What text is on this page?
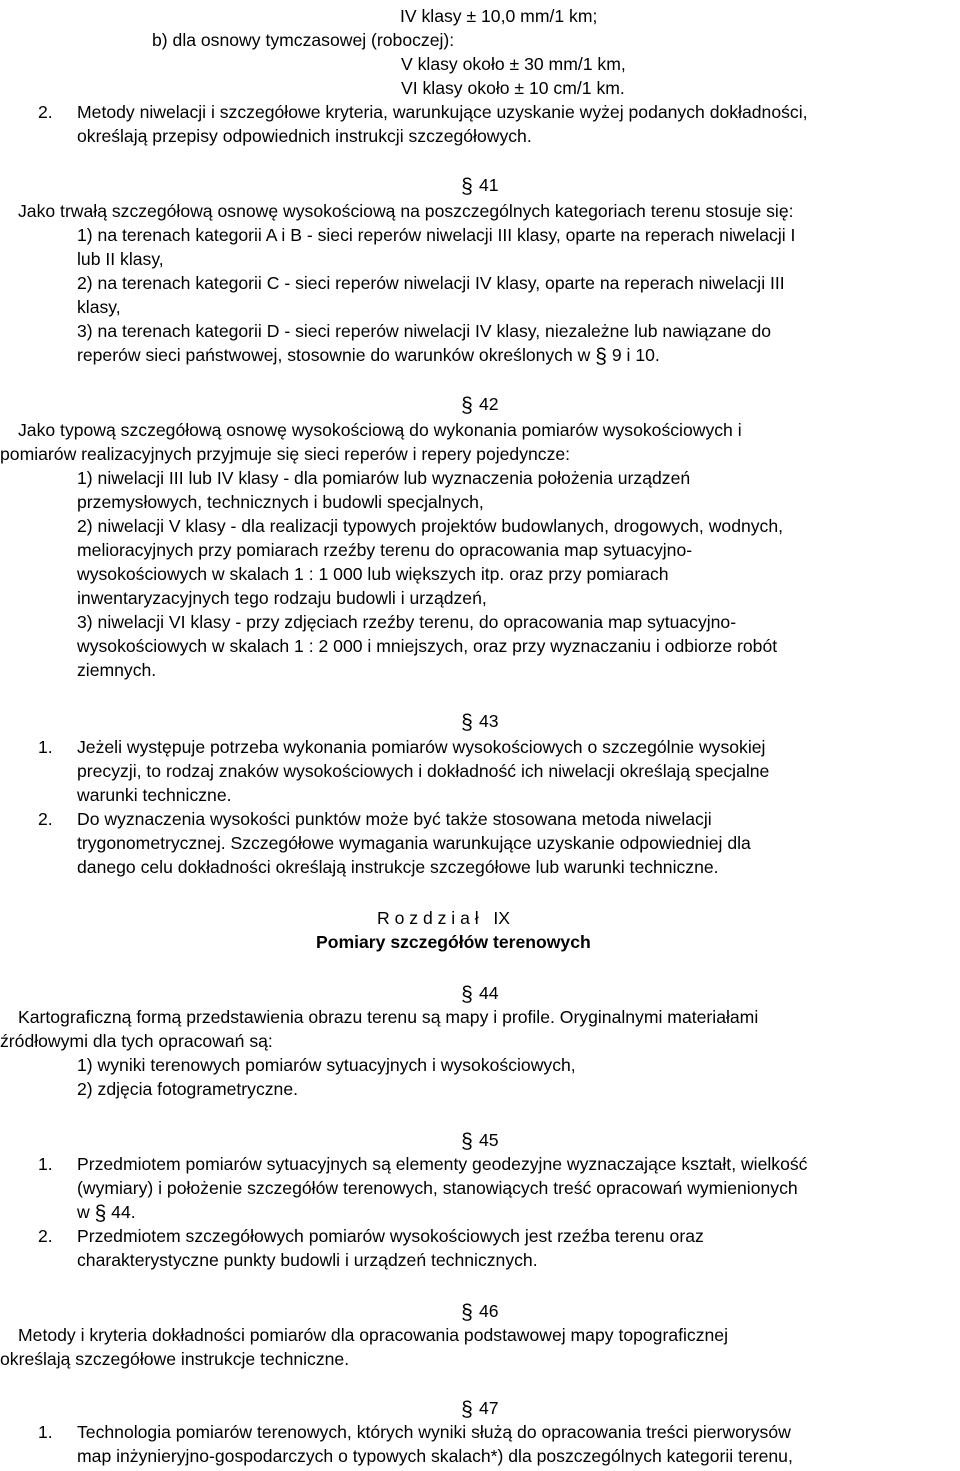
IV klasy ± 10,0 mm/1 km;
b) dla osnowy tymczasowej (roboczej):
V klasy około ± 30 mm/1 km,
VI klasy około ± 10 cm/1 km.
2. Metody niwelacji i szczegółowe kryteria, warunkujące uzyskanie wyżej podanych dokładności,
określają przepisy odpowiednich instrukcji szczegółowych.
§ 41
Jako trwałą szczegółową osnowę wysokościową na poszczególnych kategoriach terenu stosuje się:
1) na terenach kategorii A i B - sieci reperów niwelacji III klasy, oparte na reperach niwelacji I
lub II klasy,
2) na terenach kategorii C - sieci reperów niwelacji IV klasy, oparte na reperach niwelacji III
klasy,
3) na terenach kategorii D - sieci reperów niwelacji IV klasy, niezależne lub nawiązane do
reperów sieci państwowej, stosownie do warunków określonych w § 9 i 10.
§ 42
Jako typową szczegółową osnowę wysokościową do wykonania pomiarów wysokościowych i
pomiarów realizacyjnych przyjmuje się sieci reperów i repery pojedyncze:
1) niwelacji III lub IV klasy - dla pomiarów lub wyznaczenia położenia urządzeń
przemysłowych, technicznych i budowli specjalnych,
2) niwelacji V klasy - dla realizacji typowych projektów budowlanych, drogowych, wodnych,
melioracyjnych przy pomiarach rzeźby terenu do opracowania map sytuacyjno-
wysokościowych w skalach 1 : 1 000 lub większych itp. oraz przy pomiarach
inwentaryzacyjnych tego rodzaju budowli i urządzeń,
3) niwelacji VI klasy - przy zdjęciach rzeźby terenu, do opracowania map sytuacyjno-
wysokościowych w skalach 1 : 2 000 i mniejszych, oraz przy wyznaczaniu i odbiorze robót
ziemnych.
§ 43
1. Jeżeli występuje potrzeba wykonania pomiarów wysokościowych o szczególnie wysokiej
precyzji, to rodzaj znaków wysokościowych i dokładność ich niwelacji określają specjalne
warunki techniczne.
2. Do wyznaczenia wysokości punktów może być także stosowana metoda niwelacji
trygonometrycznej. Szczegółowe wymagania warunkujące uzyskanie odpowiedniej dla
danego celu dokładności określają instrukcje szczegółowe lub warunki techniczne.
R o z d z i a ł   IX
Pomiary szczegółów terenowych
§ 44
Kartograficzną formą przedstawienia obrazu terenu są mapy i profile. Oryginalnymi materiałami
źródłowymi dla tych opracowań są:
1) wyniki terenowych pomiarów sytuacyjnych i wysokościowych,
2) zdjęcia fotogrametryczne.
§ 45
1. Przedmiotem pomiarów sytuacyjnych są elementy geodezyjne wyznaczające kształt, wielkość
(wymiary) i położenie szczegółów terenowych, stanowiących treść opracowań wymienionych
w § 44.
2. Przedmiotem szczegółowych pomiarów wysokościowych jest rzeźba terenu oraz
charakterystyczne punkty budowli i urządzeń technicznych.
§ 46
Metody i kryteria dokładności pomiarów dla opracowania podstawowej mapy topograficznej
określają szczegółowe instrukcje techniczne.
§ 47
1. Technologia pomiarów terenowych, których wyniki służą do opracowania treści pierworysów
map inżynieryjno-gospodarczych o typowych skalach*) dla poszczególnych kategorii terenu,
